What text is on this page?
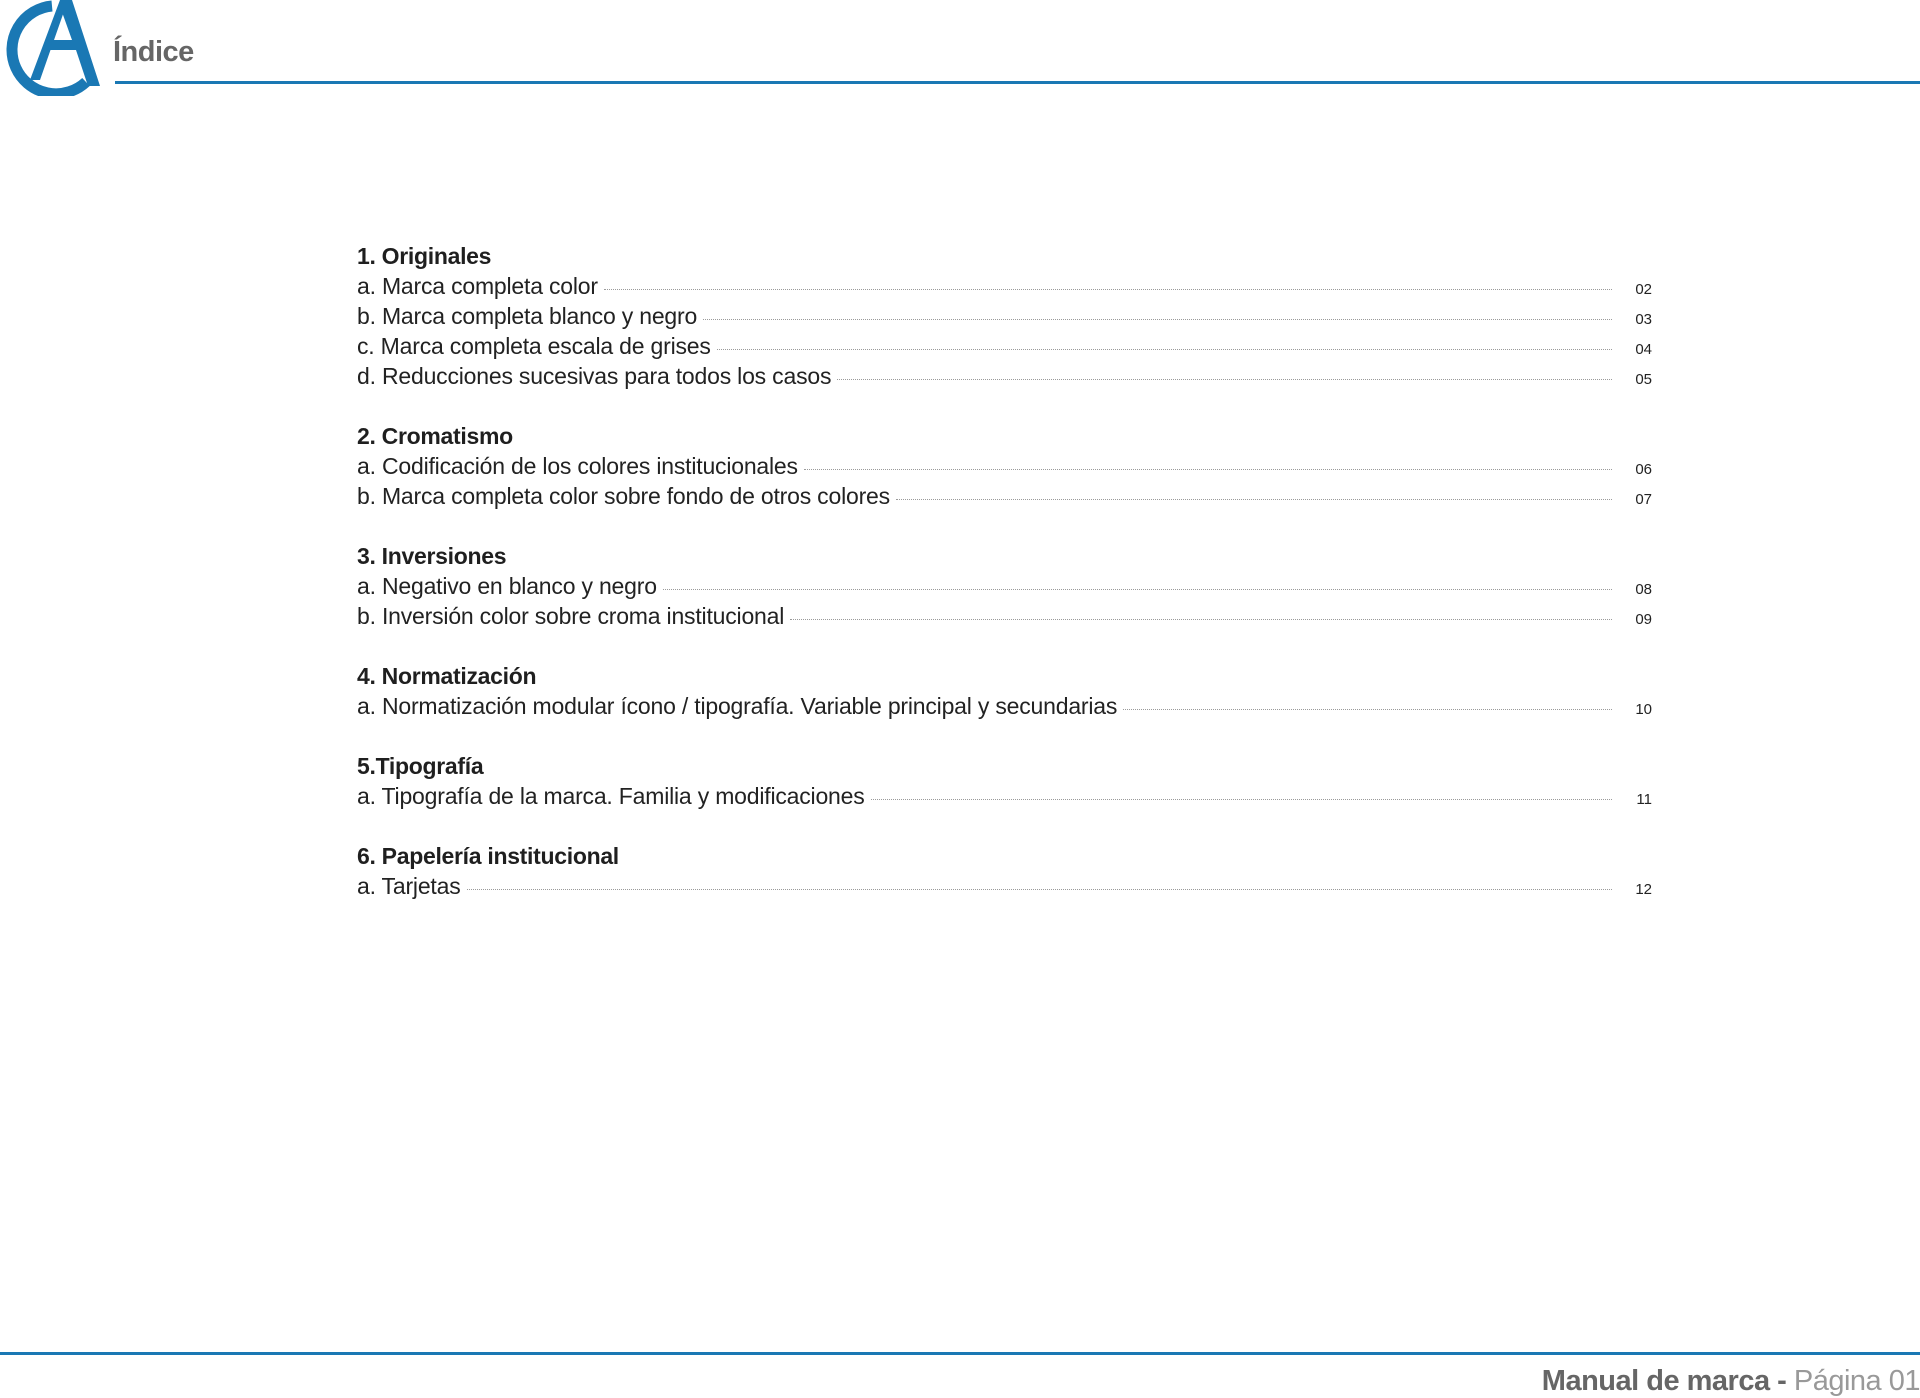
Índice
1. Originales
a. Marca completa color	02
b. Marca completa blanco y negro	03
c. Marca completa escala de grises	04
d. Reducciones sucesivas para todos los casos	05
2. Cromatismo
a. Codificación de los colores institucionales	06
b. Marca completa color sobre fondo de otros colores	07
3. Inversiones
a. Negativo en blanco y negro	08
b. Inversión color sobre croma institucional	09
4. Normatización
a. Normatización modular ícono / tipografía. Variable principal y secundarias	10
5.Tipografía
a. Tipografía de la marca. Familia y modificaciones	11
6. Papelería institucional
a. Tarjetas	12
Manual de marca - Página 01
